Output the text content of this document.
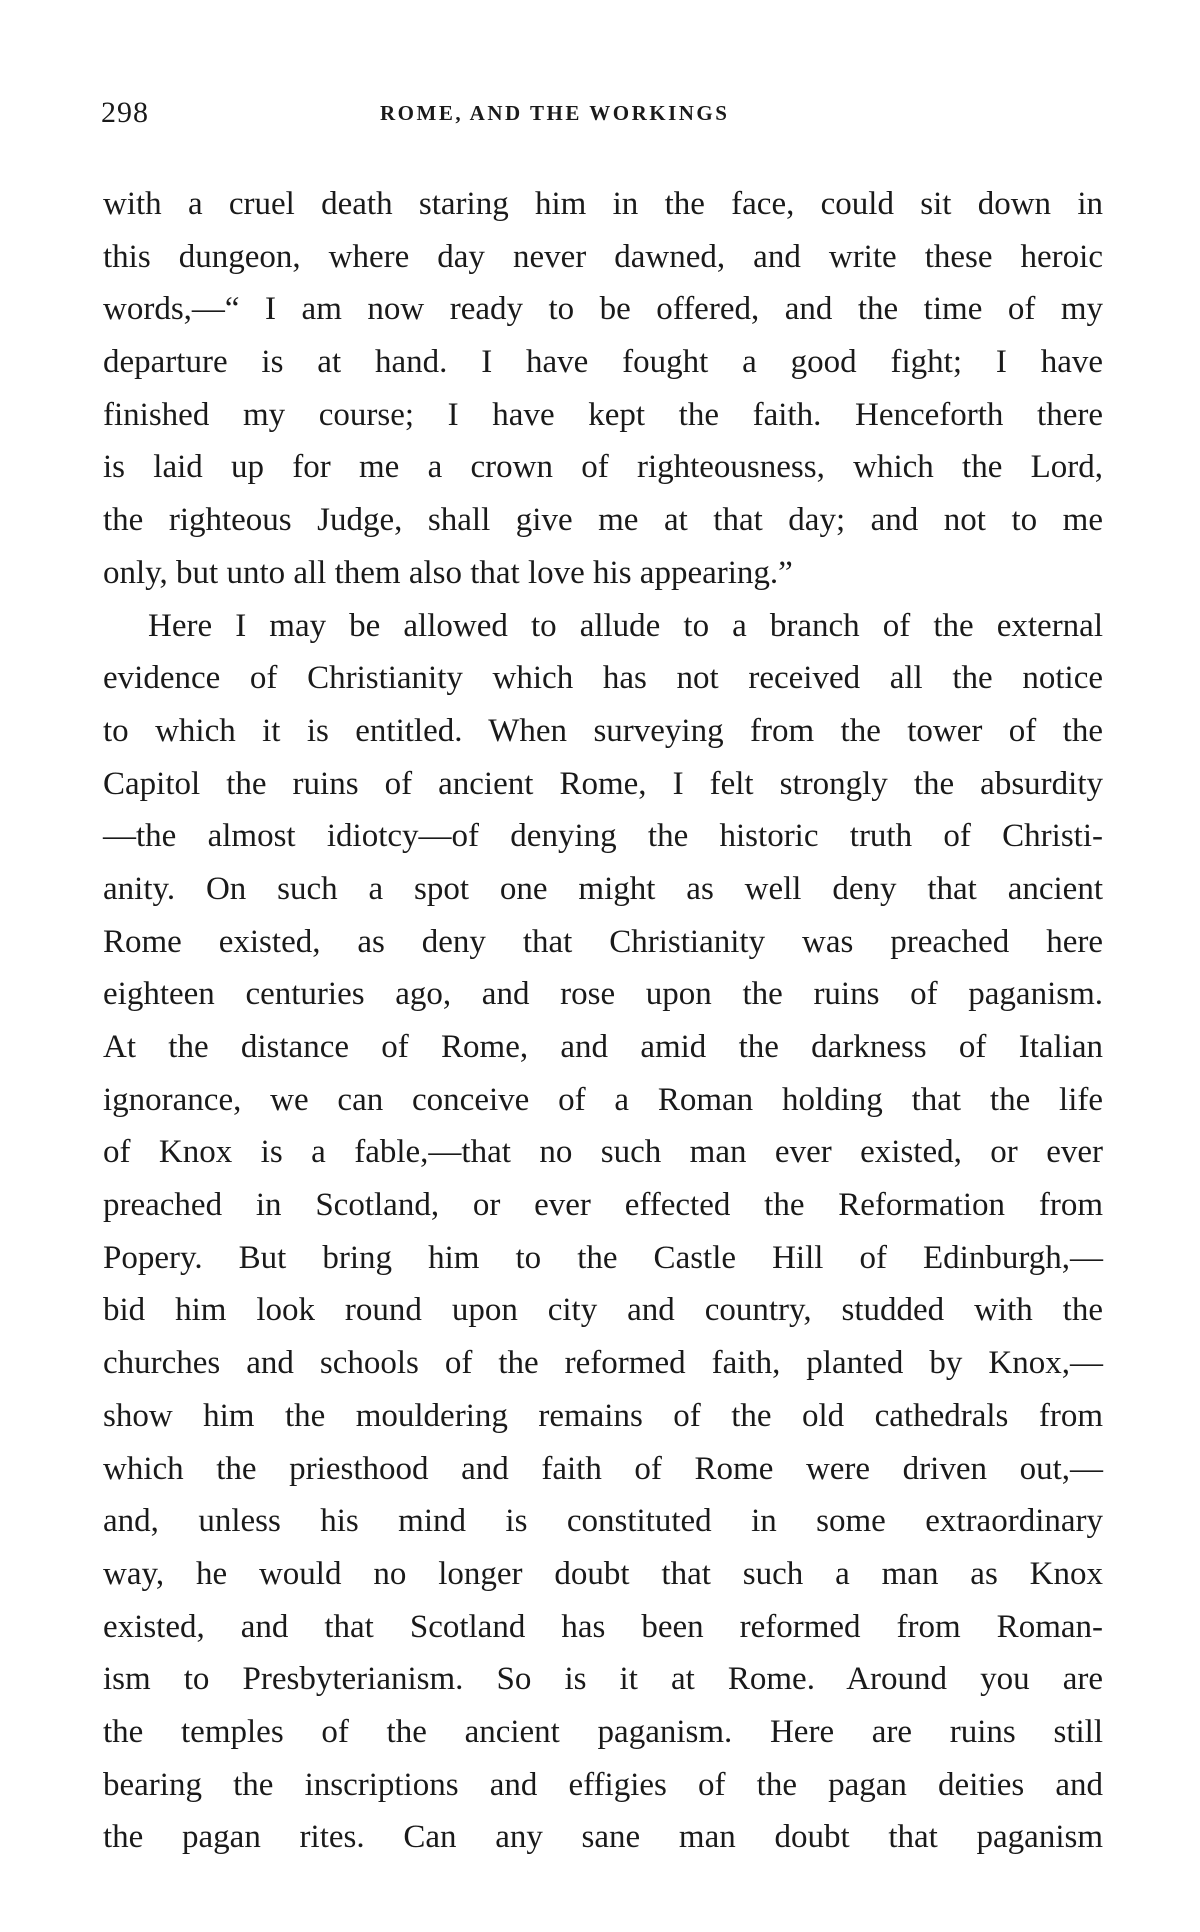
298	ROME, AND THE WORKINGS
with a cruel death staring him in the face, could sit down in
this dungeon, where day never dawned, and write these heroic
words,—“ I am now ready to be offered, and the time of my
departure is at hand. I have fought a good fight; I have
finished my course; I have kept the faith. Henceforth there
is laid up for me a crown of righteousness, which the Lord,
the righteous Judge, shall give me at that day; and not to me
only, but unto all them also that love his appearing.”
Here I may be allowed to allude to a branch of the external
evidence of Christianity which has not received all the notice
to which it is entitled. When surveying from the tower of the
Capitol the ruins of ancient Rome, I felt strongly the absurdity
—the almost idiotcy—of denying the historic truth of Christi-
anity. On such a spot one might as well deny that ancient
Rome existed, as deny that Christianity was preached here
eighteen centuries ago, and rose upon the ruins of paganism.
At the distance of Rome, and amid the darkness of Italian
ignorance, we can conceive of a Roman holding that the life
of Knox is a fable,—that no such man ever existed, or ever
preached in Scotland, or ever effected the Reformation from
Popery. But bring him to the Castle Hill of Edinburgh,—
bid him look round upon city and country, studded with the
churches and schools of the reformed faith, planted by Knox,—
show him the mouldering remains of the old cathedrals from
which the priesthood and faith of Rome were driven out,—
and, unless his mind is constituted in some extraordinary
way, he would no longer doubt that such a man as Knox
existed, and that Scotland has been reformed from Roman-
ism to Presbyterianism. So is it at Rome. Around you are
the temples of the ancient paganism. Here are ruins still
bearing the inscriptions and effigies of the pagan deities and
the pagan rites. Can any sane man doubt that paganism
